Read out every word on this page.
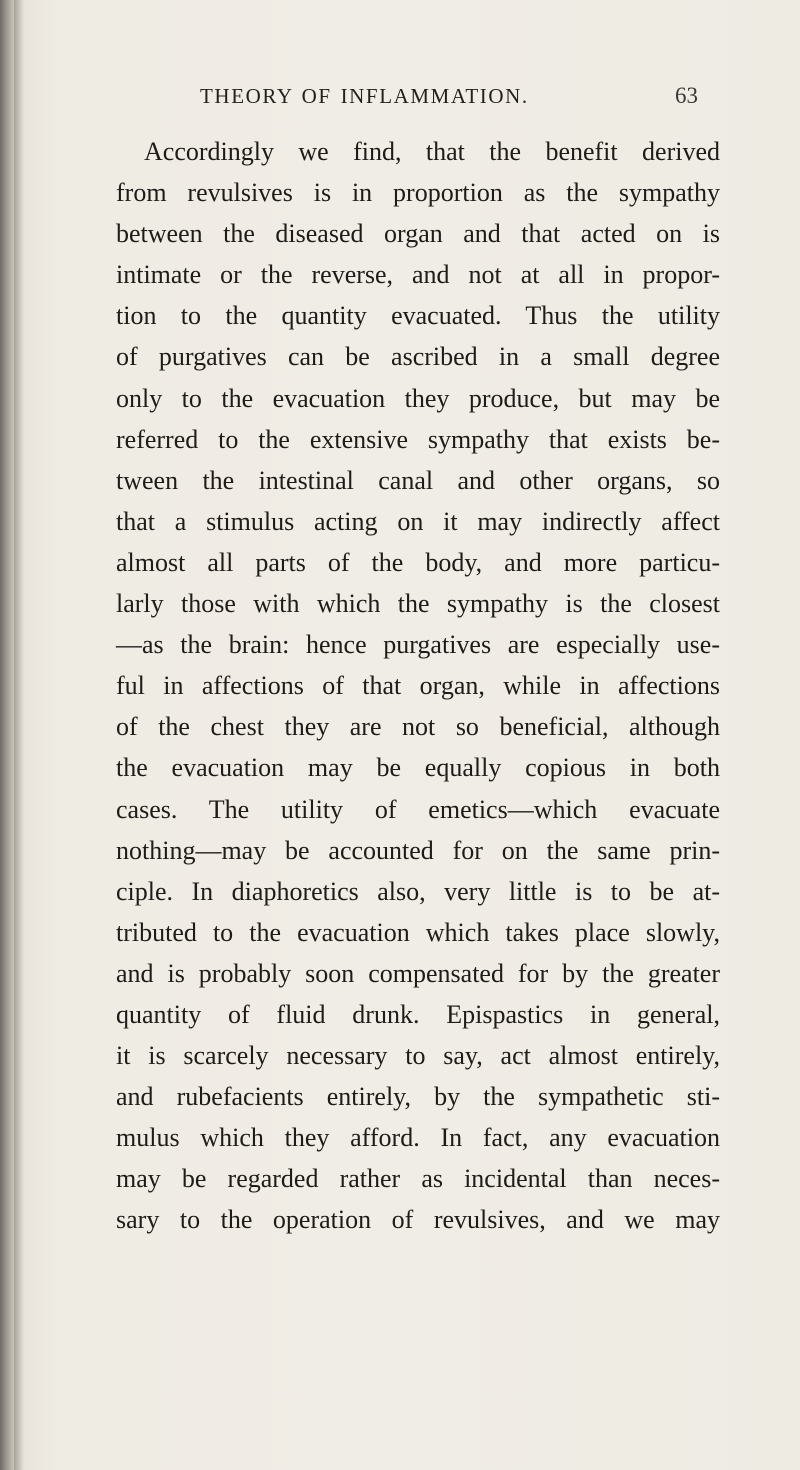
THEORY OF INFLAMMATION.	63
Accordingly we find, that the benefit derived
from revulsives is in proportion as the sympathy
between the diseased organ and that acted on is
intimate or the reverse, and not at all in propor-
tion to the quantity evacuated. Thus the utility
of purgatives can be ascribed in a small degree
only to the evacuation they produce, but may be
referred to the extensive sympathy that exists be-
tween the intestinal canal and other organs, so
that a stimulus acting on it may indirectly affect
almost all parts of the body, and more particu-
larly those with which the sympathy is the closest
—as the brain: hence purgatives are especially use-
ful in affections of that organ, while in affections
of the chest they are not so beneficial, although
the evacuation may be equally copious in both
cases. The utility of emetics—which evacuate
nothing—may be accounted for on the same prin-
ciple. In diaphoretics also, very little is to be at-
tributed to the evacuation which takes place slowly,
and is probably soon compensated for by the greater
quantity of fluid drunk. Epispastics in general,
it is scarcely necessary to say, act almost entirely,
and rubefacients entirely, by the sympathetic sti-
mulus which they afford. In fact, any evacuation
may be regarded rather as incidental than neces-
sary to the operation of revulsives, and we may
